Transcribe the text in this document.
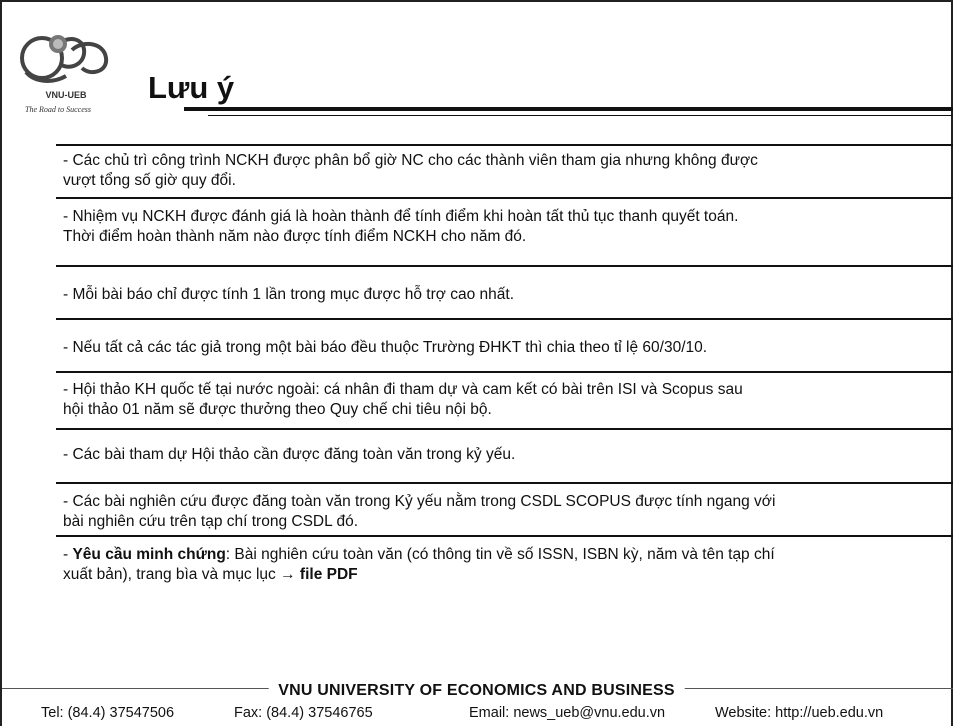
VNU-UEB
The Road to Success
Lưu ý
- Các chủ trì công trình NCKH được phân bổ giờ NC cho các thành viên tham gia nhưng không được
vượt tổng số giờ quy đổi.
- Nhiệm vụ NCKH được đánh giá là hoàn thành để tính điểm khi hoàn tất thủ tục thanh quyết toán.
Thời điểm hoàn thành năm nào được tính điểm NCKH cho năm đó.
- Mỗi bài báo chỉ được tính 1 lần trong mục được hỗ trợ cao nhất.
- Nếu tất cả các tác giả trong một bài báo đều thuộc Trường ĐHKT thì chia theo tỉ lệ 60/30/10.
- Hội thảo KH quốc tế tại nước ngoài: cá nhân đi tham dự và cam kết có bài trên ISI và Scopus sau
hội thảo 01 năm sẽ được thưởng theo Quy chế chi tiêu nội bộ.
- Các bài tham dự Hội thảo cần được đăng toàn văn trong kỷ yếu.
- Các bài nghiên cứu được đăng toàn văn trong Kỷ yếu nằm trong CSDL SCOPUS được tính ngang với
bài nghiên cứu trên tạp chí trong CSDL đó.
- Yêu cầu minh chứng: Bài nghiên cứu toàn văn (có thông tin về số ISSN, ISBN kỳ, năm và tên tạp chí
xuất bản), trang bìa và mục lục → file PDF
VNU UNIVERSITY OF ECONOMICS AND BUSINESS
Tel: (84.4) 37547506	Fax: (84.4) 37546765	Email: news_ueb@vnu.edu.vn	Website: http://ueb.edu.vn
